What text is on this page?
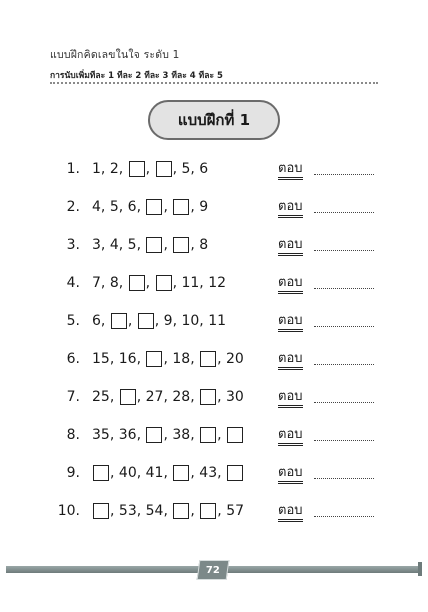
แบบฝึกคิดเลขในใจ ระดับ 1
การนับเพิ่มทีละ 1 ทีละ 2 ทีละ 3 ทีละ 4 ทีละ 5
แบบฝึกที่ 1
1. 1 , 2 , , , 5 , 6	ตอบ
2. 4 , 5 , 6 , , , 9	ตอบ
3. 3 , 4 , 5 , , , 8	ตอบ
4. 7 , 8 , , , 11 , 12	ตอบ
5. 6 , , , 9 , 10 , 11	ตอบ
6. 15 , 16 , , 18 , , 20	ตอบ
7. 25 , , 27 , 28 , , 30	ตอบ
8. 35 , 36 , , 38 , ,	ตอบ
9. , 40 , 41 , , 43 ,	ตอบ
10. , 53 , 54 , , , 57	ตอบ
72
